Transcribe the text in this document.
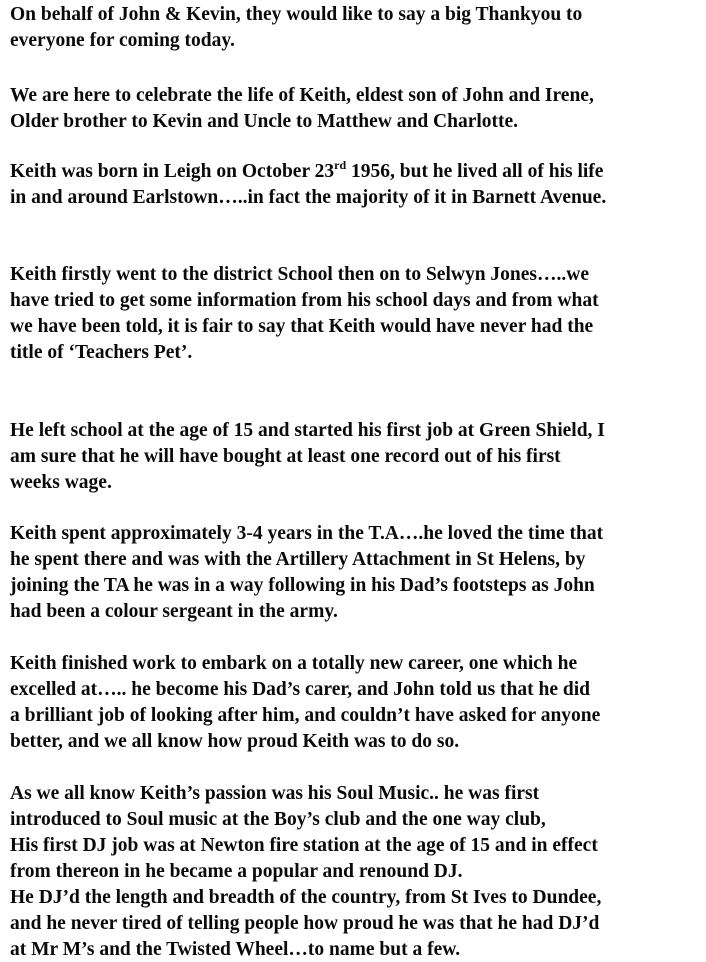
On behalf of John & Kevin, they would like to say a big Thankyou to

everyone for coming today.

We are here to celebrate the life of Keith, eldest son of John and Irene,

Older brother to Kevin and Uncle to Matthew and Charlotte.

Keith was born in Leigh on October 23rd 1956, but he lived all of his life

in and around Earlstown…..in fact the majority of it in Barnett Avenue.

Keith firstly went to the district School then on to Selwyn Jones…..we

have tried to get some information from his school days and from what

we have been told, it is fair to say that Keith would have never had the

title of ‘Teachers Pet’.

He left school at the age of 15 and started his first job at Green Shield, I

am sure that he will have bought at least one record out of his first

weeks wage.

Keith spent approximately 3-4 years in the T.A….he loved the time that

he spent there and was with the Artillery Attachment in St Helens, by

joining the TA he was in a way following in his Dad’s footsteps as John

had been a colour sergeant in the army.

Keith finished work to embark on a totally new career, one which he

excelled at….. he become his Dad’s carer, and John told us that he did

a brilliant job of looking after him, and couldn’t have asked for anyone

better, and we all know how proud Keith was to do so.

As we all know Keith’s passion was his Soul Music.. he was first

introduced to Soul music at the Boy’s club and the one way club,

His first DJ job was at Newton fire station at the age of 15 and in effect

from thereon in he became a popular and renound DJ.

He DJ’d the length and breadth of the country, from St Ives to Dundee,

and he never tired of telling people how proud he was that he had DJ’d

at Mr M’s and the Twisted Wheel…to name but a few.
